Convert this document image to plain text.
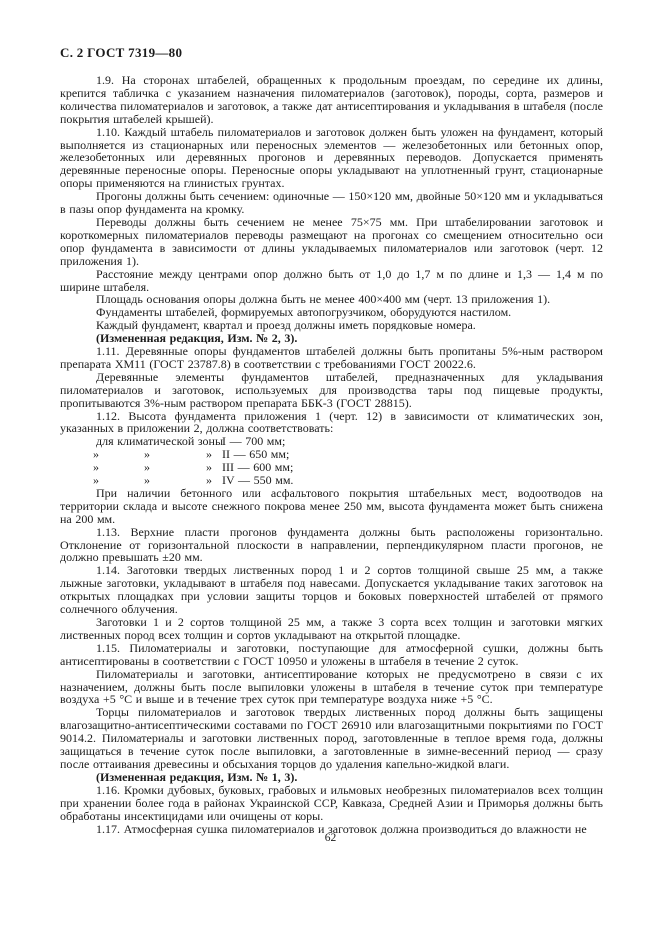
С. 2 ГОСТ 7319—80

1.9. На сторонах штабелей, обращенных к продольным проездам, по середине их длины, крепится табличка с указанием назначения пиломатериалов (заготовок), породы, сорта, размеров и количества пиломатериалов и заготовок, а также дат антисептирования и укладывания в штабеля (после покрытия штабелей крышей).

1.10. Каждый штабель пиломатериалов и заготовок должен быть уложен на фундамент, который выполняется из стационарных или переносных элементов — железобетонных или бетонных опор, железобетонных или деревянных прогонов и деревянных переводов. Допускается применять деревянные переносные опоры. Переносные опоры укладывают на уплотненный грунт, стационарные опоры применяются на глинистых грунтах.

Прогоны должны быть сечением: одиночные — 150×120 мм, двойные 50×120 мм и укладываться в пазы опор фундамента на кромку.

Переводы должны быть сечением не менее 75×75 мм. При штабелировании заготовок и короткомерных пиломатериалов переводы размещают на прогонах со смещением относительно оси опор фундамента в зависимости от длины укладываемых пиломатериалов или заготовок (черт. 12 приложения 1).

Расстояние между центрами опор должно быть от 1,0 до 1,7 м по длине и 1,3 — 1,4 м по ширине штабеля.

Площадь основания опоры должна быть не менее 400×400 мм (черт. 13 приложения 1).

Фундаменты штабелей, формируемых автопогрузчиком, оборудуются настилом.

Каждый фундамент, квартал и проезд должны иметь порядковые номера.

(Измененная редакция, Изм. № 2, 3).

1.11. Деревянные опоры фундаментов штабелей должны быть пропитаны 5%-ным раствором препарата ХМ11 (ГОСТ 23787.8) в соответствии с требованиями ГОСТ 20022.6.

Деревянные элементы фундаментов штабелей, предназначенных для укладывания пиломатериалов и заготовок, используемых для производства тары под пищевые продукты, пропитываются 3%-ным раствором препарата ББК-3 (ГОСТ 28815).

1.12. Высота фундамента приложения 1 (черт. 12) в зависимости от климатических зон, указанных в приложении 2, должна соответствовать:

для климатической зоны
I — 700 мм;

»	»	» II — 650 мм;

»	»	» III — 600 мм;

»	»	» IV — 550 мм.

При наличии бетонного или асфальтового покрытия штабельных мест, водоотводов на территории склада и высоте снежного покрова менее 250 мм, высота фундамента может быть снижена на 200 мм.

1.13. Верхние пласти прогонов фундамента должны быть расположены горизонтально. Отклонение от горизонтальной плоскости в направлении, перпендикулярном пласти прогонов, не должно превышать ±20 мм.

1.14. Заготовки твердых лиственных пород 1 и 2 сортов толщиной свыше 25 мм, а также лыжные заготовки, укладывают в штабеля под навесами. Допускается укладывание таких заготовок на открытых площадках при условии защиты торцов и боковых поверхностей штабелей от прямого солнечного облучения.

Заготовки 1 и 2 сортов толщиной 25 мм, а также 3 сорта всех толщин и заготовки мягких лиственных пород всех толщин и сортов укладывают на открытой площадке.

1.15. Пиломатериалы и заготовки, поступающие для атмосферной сушки, должны быть антисептированы в соответствии с ГОСТ 10950 и уложены в штабеля в течение 2 суток.

Пиломатериалы и заготовки, антисептирование которых не предусмотрено в связи с их назначением, должны быть после выпиловки уложены в штабеля в течение суток при температуре воздуха +5 °С и выше и в течение трех суток при температуре воздуха ниже +5 °С.

Торцы пиломатериалов и заготовок твердых лиственных пород должны быть защищены влагозащитно-антисептическими составами по ГОСТ 26910 или влагозащитными покрытиями по ГОСТ 9014.2. Пиломатериалы и заготовки лиственных пород, заготовленные в теплое время года, должны защищаться в течение суток после выпиловки, а заготовленные в зимне-весенний период — сразу после оттаивания древесины и обсыхания торцов до удаления капельно-жидкой влаги.

(Измененная редакция, Изм. № 1, 3).

1.16. Кромки дубовых, буковых, грабовых и ильмовых необрезных пиломатериалов всех толщин при хранении более года в районах Украинской ССР, Кавказа, Средней Азии и Приморья должны быть обработаны инсектицидами или очищены от коры.

1.17. Атмосферная сушка пиломатериалов и заготовок должна производиться до влажности не

62
